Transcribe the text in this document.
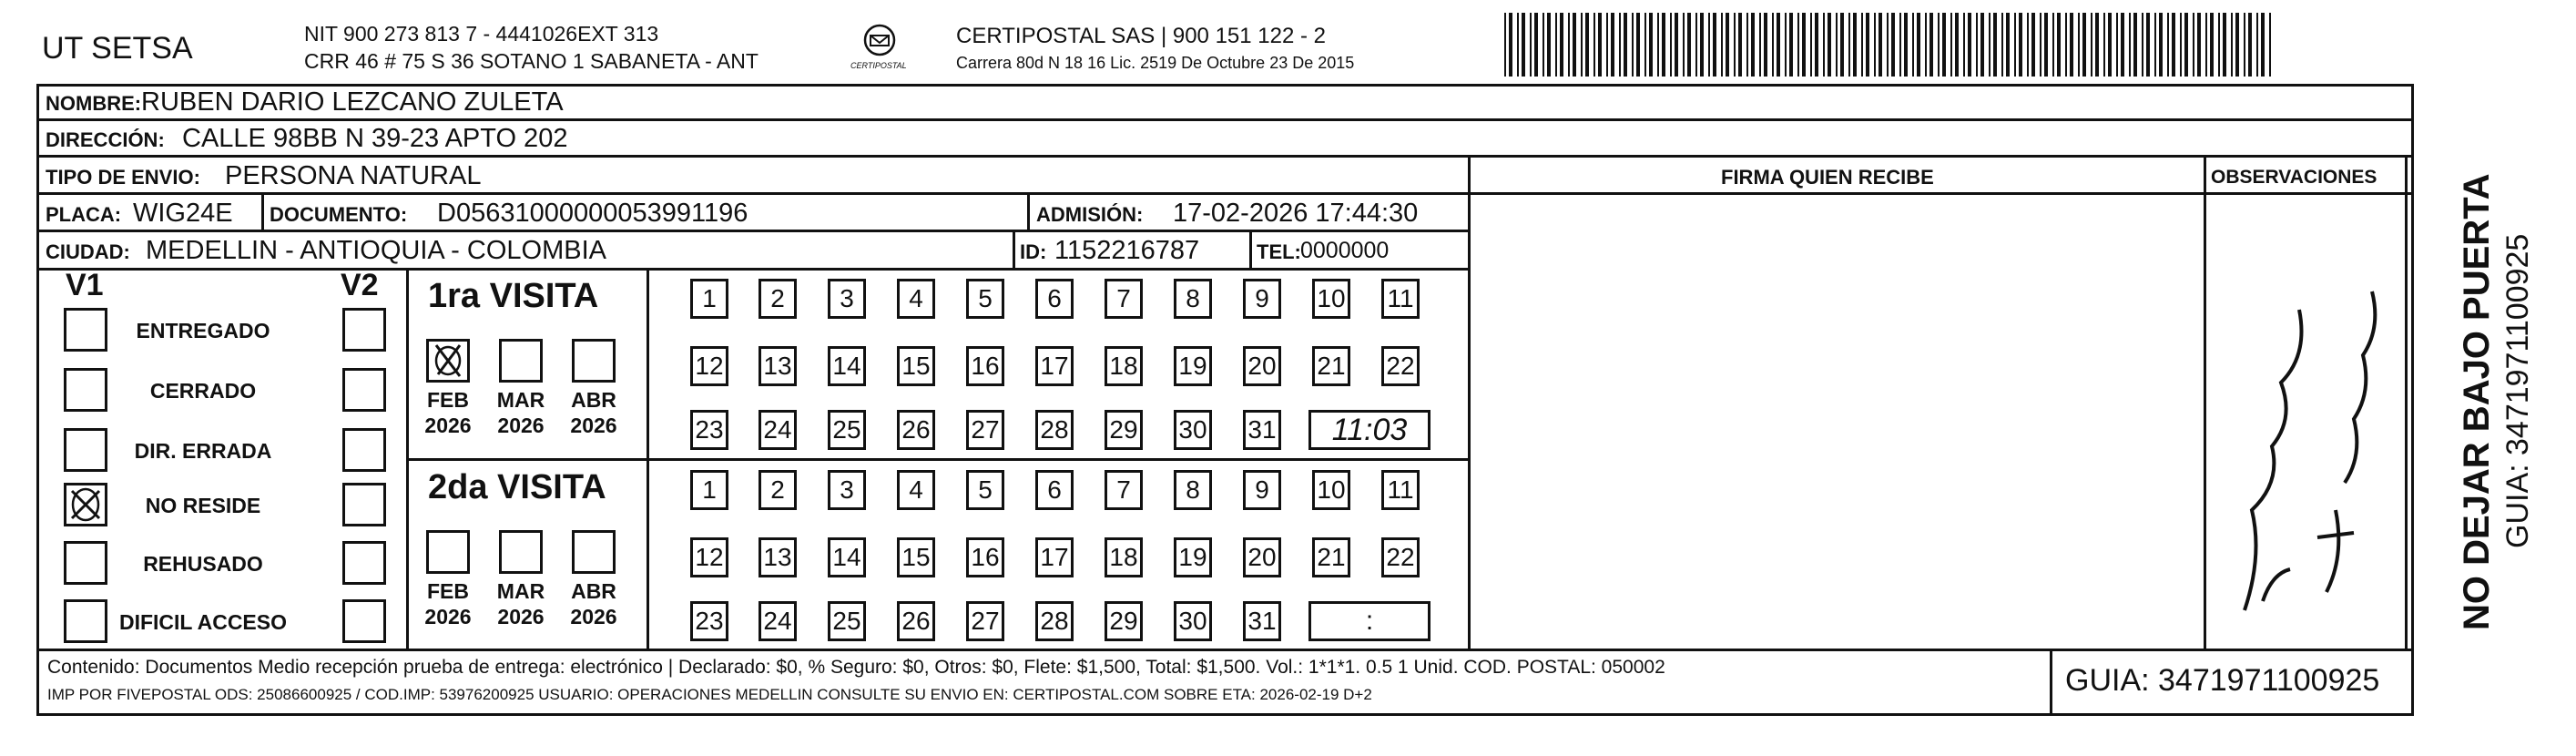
UT SETSA	NIT 900 273 813 7 - 4441026EXT 313
CRR 46 # 75 S 36 SOTANO 1 SABANETA - ANT	CERTIPOSTAL
CERTIPOSTAL SAS | 900 151 122 - 2
Carrera 80d N 18 16 Lic. 2519 De Octubre 23 De 2015
NOMBRE: RUBEN DARIO LEZCANO ZULETA
DIRECCIÓN: CALLE 98BB N 39-23 APTO 202
TIPO DE ENVIO: PERSONA NATURAL
PLACA: WIG24E DOCUMENTO: D05631000000053991196	ADMISIÓN: 17-02-2026 17:44:30
CIUDAD: MEDELLIN - ANTIOQUIA - COLOMBIA	ID: 1152216787	TEL: 0000000
FIRMA QUIEN RECIBE	OBSERVACIONES
V1	V2
ENTREGADO
CERRADO
DIR. ERRADA
NO RESIDE
REHUSADO
DIFICIL ACCESO
1ra VISITA
2da VISITA
FEB
2026
MAR
2026
ABR
2026
1	2	3	4	5	6	7	8	9	10 11
12 13 14 15 16 17 18 19 20 21 22
23 24 25 26 27 28 29 30 31	11:03
FEB
2026
MAR
2026
ABR
2026
1	2	3	4	5	6	7	8	9	10 11
12 13 14 15 16 17 18 19 20 21 22
23 24 25 26 27 28 29 30 31	:	NO DEJAR BAJO PUERTA GUIA: 3471971100925
Contenido: Documentos Medio recepción prueba de entrega: electrónico | Declarado: $0, % Seguro: $0, Otros: $0, Flete: $1,500, Total: $1,500. Vol.: 1*1*1. 0.5 1 Unid. COD. POSTAL: 050002
IMP POR FIVEPOSTAL ODS: 25086600925 / COD.IMP: 53976200925 USUARIO: OPERACIONES MEDELLIN CONSULTE SU ENVIO EN: CERTIPOSTAL.COM SOBRE ETA: 2026-02-19 D+2	GUIA: 3471971100925
